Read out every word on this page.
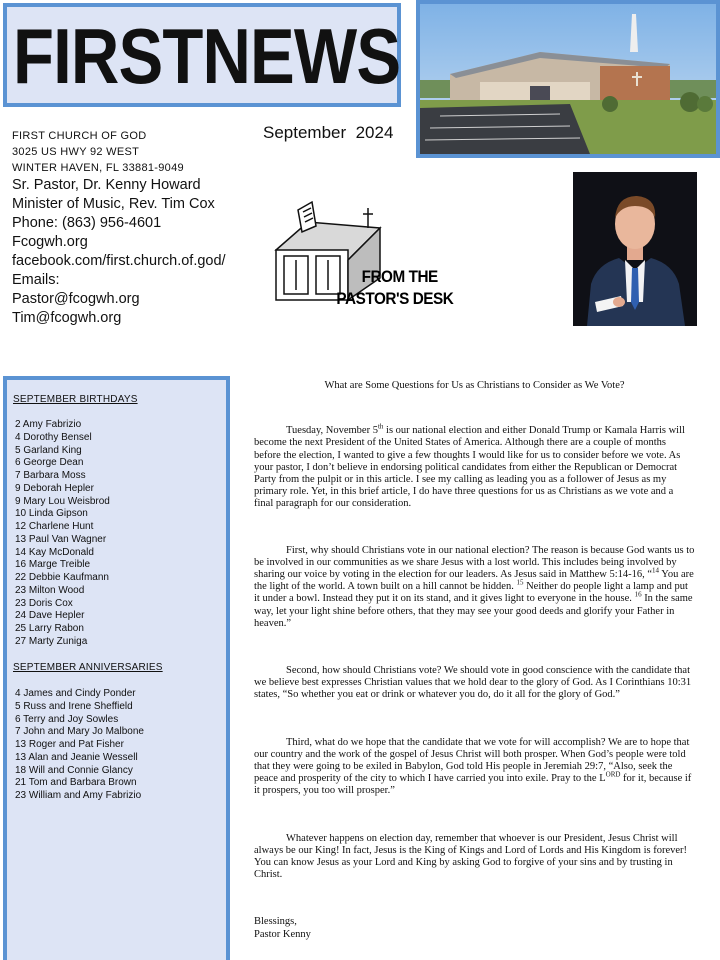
FIRSTNEWS
September  2024
FIRST CHURCH OF GOD
3025 US HWY 92 WEST
WINTER HAVEN, FL 33881-9049
Sr. Pastor, Dr. Kenny Howard
Minister of Music, Rev. Tim Cox
Phone: (863) 956-4601
Fcogwh.org
facebook.com/first.church.of.god/
Emails:
Pastor@fcogwh.org
Tim@fcogwh.org
FROM THE
PASTOR'S DESK
SEPTEMBER BIRTHDAYS
2 Amy Fabrizio
4 Dorothy Bensel
5 Garland King
6 George Dean
7 Barbara Moss
9 Deborah Hepler
9 Mary Lou Weisbrod
10 Linda Gipson
12 Charlene Hunt
13 Paul Van Wagner
14 Kay McDonald
16 Marge Treible
22 Debbie Kaufmann
23 Milton Wood
23 Doris Cox
24 Dave Hepler
25 Larry Rabon
27 Marty Zuniga
SEPTEMBER ANNIVERSARIES
4 James and Cindy Ponder
5 Russ and Irene Sheffield
6 Terry and Joy Sowles
7 John and Mary Jo Malbone
13 Roger and Pat Fisher
13 Alan and Jeanie Wessell
18 Will and Connie Glancy
21 Tom and Barbara Brown
23 William and Amy Fabrizio
What are Some Questions for Us as Christians to Consider as We Vote?

Tuesday, November 5th is our national election and either Donald Trump or Kamala Harris will become the next President of the United States of America. Although there are a couple of months before the election, I wanted to give a few thoughts I would like for us to consider before we vote. As your pastor, I don’t believe in endorsing political candidates from either the Republican or Democrat Party from the pulpit or in this article. I see my calling as leading you as a follower of Jesus as my primary role. Yet, in this brief article, I do have three questions for us as Christians as we vote and a final paragraph for our consideration.

First, why should Christians vote in our national election? The reason is because God wants us to be involved in our communities as we share Jesus with a lost world. This includes being involved by sharing our voice by voting in the election for our leaders. As Jesus said in Matthew 5:14-16, “$^{14}$ You are the light of the world. A town built on a hill cannot be hidden. $^{15}$ Neither do people light a lamp and put it under a bowl. Instead they put it on its stand, and it gives light to everyone in the house. $^{16}$ In the same way, let your light shine before others, that they may see your good deeds and glorify your Father in heaven.”

Second, how should Christians vote? We should vote in good conscience with the candidate that we believe best expresses Christian values that we hold dear to the glory of God. As I Corinthians 10:31 states, “So whether you eat or drink or whatever you do, do it all for the glory of God.”

Third, what do we hope that the candidate that we vote for will accomplish? We are to hope that our country and the work of the gospel of Jesus Christ will both prosper. When God’s people were told that they were going to be exiled in Babylon, God told His people in Jeremiah 29:7, “Also, seek the peace and prosperity of the city to which I have carried you into exile. Pray to the $L^{ORD}$ for it, because if it prospers, you too will prosper.”

Whatever happens on election day, remember that whoever is our President, Jesus Christ will always be our King! In fact, Jesus is the King of Kings and Lord of Lords and His Kingdom is forever! You can know Jesus as your Lord and King by asking God to forgive of your sins and by trusting in Christ.

Blessings,
Pastor Kenny
